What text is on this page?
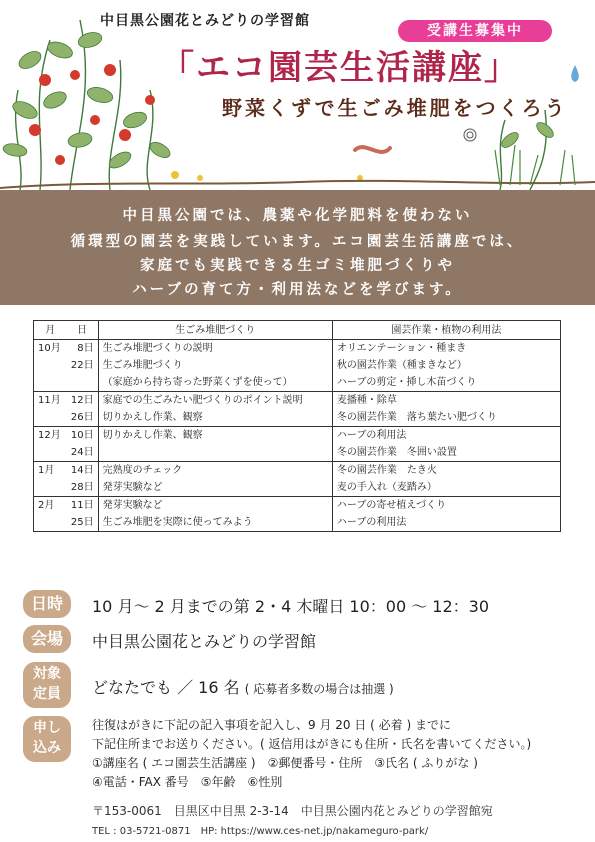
中目黒公園花とみどりの学習館
受講生募集中
「エコ園芸生活講座」
野菜くずで生ごみ堆肥をつくろう
中目黒公園では、農薬や化学肥料を使わない
循環型の園芸を実践しています。エコ園芸生活講座では、
家庭でも実践できる生ゴミ堆肥づくりや
ハーブの育て方・利用法などを学びます。
月	日	生ごみ堆肥づくり	園芸作業・植物の利用法
10月	8日	生ごみ堆肥づくりの説明	オリエンテーション・種まき
	22日	生ごみ堆肥づくり	秋の園芸作業（種まきなど）
		（家庭から持ち寄った野菜くずを使って）	ハーブの剪定・挿し木苗づくり
11月	12日	家庭での生ごみたい肥づくりのポイント説明	麦播種・除草
	26日	切りかえし作業、観察	冬の園芸作業　落ち葉たい肥づくり
12月	10日	切りかえし作業、観察	ハーブの利用法
	24日		冬の園芸作業　冬囲い設置
1月	14日	完熟度のチェック	冬の園芸作業　たき火
	28日	発芽実験など	麦の手入れ（麦踏み）
2月	11日	発芽実験など	ハーブの寄せ植えづくり
	25日	生ごみ堆肥を実際に使ってみよう	ハーブの利用法
日時	10 月～ 2 月までの第 2・4 木曜日 10：00 ～ 12：30
会場	中目黒公園花とみどりの学習館
対象
定員	どなたでも ／ 16 名 ( 応募者多数の場合は抽選 )
申し
込み
往復はがきに下記の記入事項を記入し、9 月 20 日 ( 必着 ) までに
下記住所までお送りください。( 返信用はがきにも住所・氏名を書いてください。)
①講座名 ( エコ園芸生活講座 )　②郵便番号・住所　③氏名 ( ふりがな )
④電話・FAX 番号　⑤年齢　⑥性別
〒153-0061　目黒区中目黒 2-3-14　中目黒公園内花とみどりの学習館宛
TEL : 03-5721-0871　HP: https://www.ces-net.jp/nakameguro-park/
